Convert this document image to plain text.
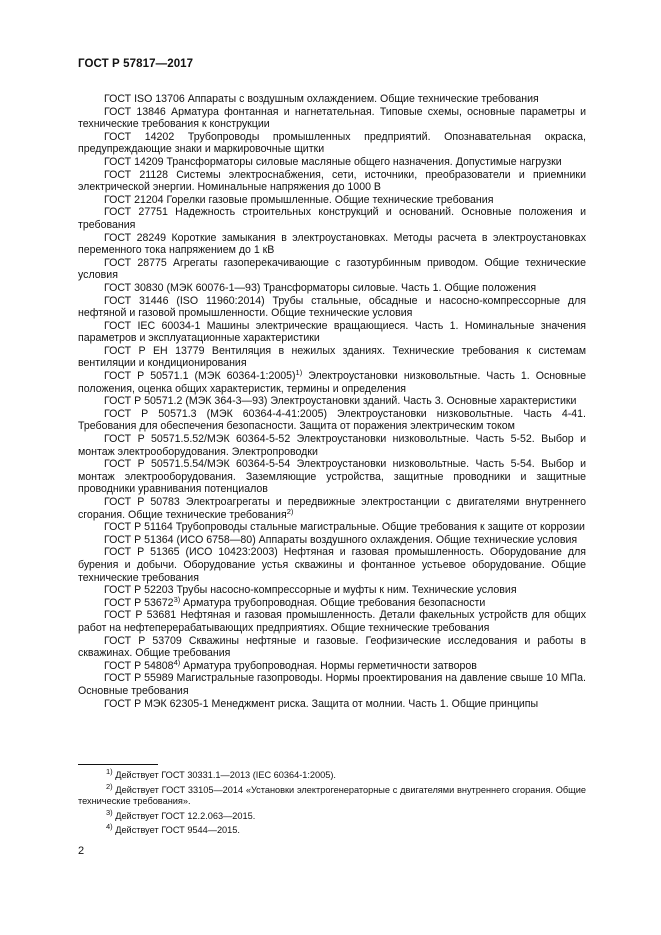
ГОСТ Р 57817—2017

ГОСТ ISO 13706 Аппараты с воздушным охлаждением. Общие технические требования

ГОСТ 13846 Арматура фонтанная и нагнетательная. Типовые схемы, основные параметры и технические требования к конструкции

ГОСТ 14202 Трубопроводы промышленных предприятий. Опознавательная окраска, предупреждающие знаки и маркировочные щитки

ГОСТ 14209 Трансформаторы силовые масляные общего назначения. Допустимые нагрузки

ГОСТ 21128 Системы электроснабжения, сети, источники, преобразователи и приемники электрической энергии. Номинальные напряжения до 1000 В

ГОСТ 21204 Горелки газовые промышленные. Общие технические требования

ГОСТ 27751 Надежность строительных конструкций и оснований. Основные положения и требования

ГОСТ 28249 Короткие замыкания в электроустановках. Методы расчета в электроустановках переменного тока напряжением до 1 кВ

ГОСТ 28775 Агрегаты газоперекачивающие с газотурбинным приводом. Общие технические условия

ГОСТ 30830 (МЭК 60076-1—93) Трансформаторы силовые. Часть 1. Общие положения

ГОСТ 31446 (ISO 11960:2014) Трубы стальные, обсадные и насосно-компрессорные для нефтяной и газовой промышленности. Общие технические условия

ГОСТ IEC 60034-1 Машины электрические вращающиеся. Часть 1. Номинальные значения параметров и эксплуатационные характеристики

ГОСТ Р ЕН 13779 Вентиляция в нежилых зданиях. Технические требования к системам вентиляции и кондиционирования

ГОСТ Р 50571.1 (МЭК 60364-1:2005)$^{1)}$ Электроустановки низковольтные. Часть 1. Основные положения, оценка общих характеристик, термины и определения

ГОСТ Р 50571.2 (МЭК 364-3—93) Электроустановки зданий. Часть 3. Основные характеристики

ГОСТ Р 50571.3 (МЭК 60364-4-41:2005) Электроустановки низковольтные. Часть 4-41. Требования для обеспечения безопасности. Защита от поражения электрическим током

ГОСТ Р 50571.5.52/МЭК 60364-5-52 Электроустановки низковольтные. Часть 5-52. Выбор и монтаж электрооборудования. Электропроводки

ГОСТ Р 50571.5.54/МЭК 60364-5-54 Электроустановки низковольтные. Часть 5-54. Выбор и монтаж электрооборудования. Заземляющие устройства, защитные проводники и защитные проводники уравнивания потенциалов

ГОСТ Р 50783 Электроагрегаты и передвижные электростанции с двигателями внутреннего сгорания. Общие технические требования$^{2)}$

ГОСТ Р 51164 Трубопроводы стальные магистральные. Общие требования к защите от коррозии

ГОСТ Р 51364 (ИСО 6758—80) Аппараты воздушного охлаждения. Общие технические условия

ГОСТ Р 51365 (ИСО 10423:2003) Нефтяная и газовая промышленность. Оборудование для бурения и добычи. Оборудование устья скважины и фонтанное устьевое оборудование. Общие технические требования

ГОСТ Р 52203 Трубы насосно-компрессорные и муфты к ним. Технические условия

ГОСТ Р 53672$^{3)}$ Арматура трубопроводная. Общие требования безопасности

ГОСТ Р 53681 Нефтяная и газовая промышленность. Детали факельных устройств для общих работ на нефтеперерабатывающих предприятиях. Общие технические требования

ГОСТ Р 53709 Скважины нефтяные и газовые. Геофизические исследования и работы в скважинах. Общие требования

ГОСТ Р 54808$^{4)}$ Арматура трубопроводная. Нормы герметичности затворов

ГОСТ Р 55989 Магистральные газопроводы. Нормы проектирования на давление свыше 10 МПа. Основные требования

ГОСТ Р МЭК 62305-1 Менеджмент риска. Защита от молнии. Часть 1. Общие принципы

$^{1)}$ Действует ГОСТ 30331.1—2013 (IEC 60364-1:2005).

$^{2)}$ Действует ГОСТ 33105—2014 «Установки электрогенераторные с двигателями внутреннего сгорания. Общие технические требования».

$^{3)}$ Действует ГОСТ 12.2.063—2015.

$^{4)}$ Действует ГОСТ 9544—2015.

2
